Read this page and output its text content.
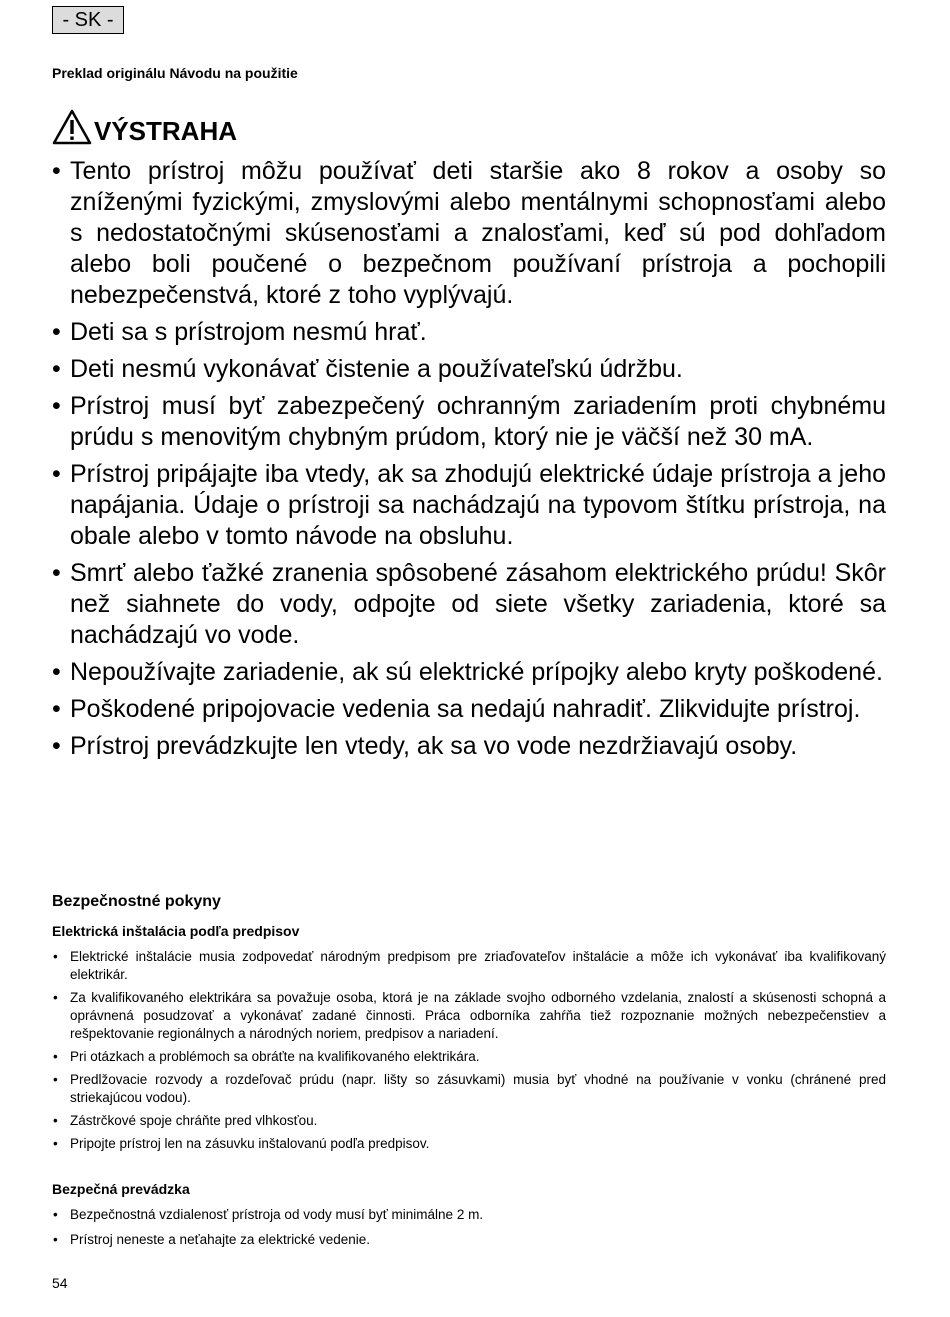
- SK -
Preklad originálu Návodu na použitie
VÝSTRAHA
• Tento prístroj môžu používať deti staršie ako 8 rokov a osoby so zníženými fyzickými, zmyslovými alebo mentálnymi schopnosťami alebo s nedostatočnými skúsenosťami a znalosťami, keď sú pod dohľadom alebo boli poučené o bezpečnom používaní prístroja a pochopili nebezpečenstvá, ktoré z toho vyplývajú.
• Deti sa s prístrojom nesmú hrať.
• Deti nesmú vykonávať čistenie a používateľskú údržbu.
• Prístroj musí byť zabezpečený ochranným zariadením proti chybnému prúdu s menovitým chybným prúdom, ktorý nie je väčší než 30 mA.
• Prístroj pripájajte iba vtedy, ak sa zhodujú elektrické údaje prístroja a jeho napájania. Údaje o prístroji sa nachádzajú na typovom štítku prístroja, na obale alebo v tomto návode na obsluhu.
• Smrť alebo ťažké zranenia spôsobené zásahom elektrického prúdu! Skôr než siahnete do vody, odpojte od siete všetky zariadenia, ktoré sa nachádzajú vo vode.
• Nepoužívajte zariadenie, ak sú elektrické prípojky alebo kryty poškodené.
• Poškodené pripojovacie vedenia sa nedajú nahradiť. Zlikvidujte prístroj.
• Prístroj prevádzkujte len vtedy, ak sa vo vode nezdržiavajú osoby.
Bezpečnostné pokyny
Elektrická inštalácia podľa predpisov
• Elektrické inštalácie musia zodpovedať národným predpisom pre zriaďovateľov inštalácie a môže ich vykonávať iba kvalifikovaný elektrikár.
• Za kvalifikovaného elektrikára sa považuje osoba, ktorá je na základe svojho odborného vzdelania, znalostí a skúsenosti schopná a oprávnená posudzovať a vykonávať zadané činnosti. Práca odborníka zahŕňa tiež rozpoznanie možných nebezpečenstiev a rešpektovanie regionálnych a národných noriem, predpisov a nariadení.
• Pri otázkach a problémoch sa obráťte na kvalifikovaného elektrikára.
• Predlžovacie rozvody a rozdeľovač prúdu (napr. lišty so zásuvkami) musia byť vhodné na používanie v vonku (chránené pred striekajúcou vodou).
• Zástrčkové spoje chráňte pred vlhkosťou.
• Pripojte prístroj len na zásuvku inštalovanú podľa predpisov.
Bezpečná prevádzka
• Bezpečnostná vzdialenosť prístroja od vody musí byť minimálne 2 m.
• Prístroj neneste a neťahajte za elektrické vedenie.
54
